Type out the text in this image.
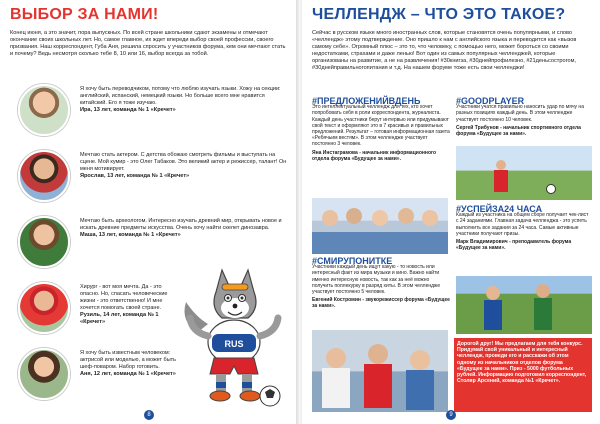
ВЫБОР ЗА НАМИ!
Конец июня, а это значит, пора выпускных. По всей стране школьники сдают экзамены и отмечают окончание своих школьных лет. Но, самое главное, их ждет впереди выбор своей профессии, своего призвания. Наш корреспондент, Губа Аня, решила спросить у участников форума, кем они мечтают стать и почему? Ведь несмотря сколько тебе 8, 10 или 16, выбор всегда за тобой.
Я хочу быть переводчиком, потому что люблю изучать языки. Хожу на секции: английский, испанский, немецкий языки. Но больше всего мне нравится китайский. Его я тоже изучаю.
Ира, 13 лет, команда № 1 «Кречет»
Мечтаю стать актером. С детства обожаю смотреть фильмы и выступать на сцене. Мой кумир - это Олег Табаков. Это великий актер и режиссер, талант! Он меня мотивирует.
Ярослав, 13 лет, команда № 1 «Кречет»
Мечтаю быть археологом. Интересно изучать древний мир, открывать новое и искать древние предметы искусства. Очень хочу найти скелет динозавра.
Маша, 13 лет, команда № 1 «Кречет»
Хирург - вот моя мечта. Да - это опасно. Но, спасать человеческие жизни - это ответственно! И мне хочется помогать своей стране.
Рузиль, 14 лет, команда № 1 «Кречет»
Я хочу быть известным человеком: актрисой или моделью, а может быть шеф-поваром. Набор готовить.
Аня, 12 лет, команда № 1 «Кречет»
RUS
8
ЧЕЛЛЕНДЖ – ЧТО ЭТО ТАКОЕ?
Сейчас в русском языке много иностранных слов, которые становятся очень популярными, и слово «челлендж» этому подтверждение. Оно пришло к нам с английского языка и переводится как «вызов самому себе». Огромный плюс – это то, что человеку, с помощью него, может бороться со своими недостатками, страхами и даже ленью! Вот один из самых популярных челленджей, которые организованы на развитие, а не на развлечения! #30книгза, #30днейпрофилезно, #21деньсострогом, #30днейправильногопитания и т.д. На нашем форуме тоже есть свои челленджи!
#ПРЕДЛОЖЕНИЙВДЕНЬ

Это интеллектуальный челлендж для тех, кто хочет попробовать себя в роли корреспондента, журналиста. Каждый день участники берут интервью или придумывают свой текст и оформляют это в 7 красивых и правильных предложений. Результат – готовая информационная газета «Ребячьим вестям». В этом челлендже участвует постоянно 3 человек.

Яна Инстаграмова - начальник информационного отдела форума «Будущее за нами».
#GOODPLAYER

Участники учатся правильно наносить удар по мячу на разных позициях каждый день. В этом челлендже участвует постоянно 10 человек.

Сергей Трибунов - начальник спортивного отдела форума «Будущее за нами».
#СМИРУПОНИТКЕ

Участники каждый день ищут какую - то новость или интересный факт из мира музыки и кино. Важно найти именно интересную новость, так как за неё можно получить поплекурку в разряд хиты. В этом челлендже участвует постоянно 5 человек.

Евгений Костромин - звукорежиссер форума «Будущее за нами».
#УСПЕЙЗА24 ЧАСА

Каждый из участника на общем сборе получает чек-лист с 24 заданиями. Главная задача челленджа - это успеть выполнить все задания за 24 часа. Самые активные участники получают призы.

Марк Владимирович - преподаватель форума «Будущее за нами».
Дорогой друг! Мы предлагаем для тебя конкурс. Придумай свой уникальный и интересный челлендж, проведи его и расскажи об этом одному из начальников отделов форума «Будущее за нами». Приз - 5000 футбольных рублей. Информацию подготовил корреспондент, Столяр Арсений, команда №1 «Кречет».
9
